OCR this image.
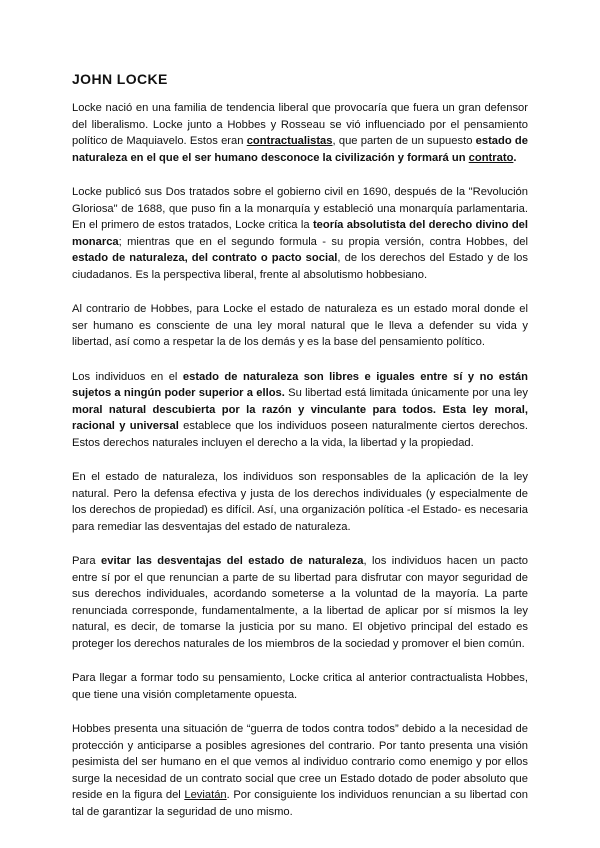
JOHN LOCKE

Locke nació en una familia de tendencia liberal que provocaría que fuera un gran defensor del liberalismo. Locke junto a Hobbes y Rosseau se vió influenciado por el pensamiento político de Maquiavelo. Estos eran contractualistas, que parten de un supuesto estado de naturaleza en el que el ser humano desconoce la civilización y formará un contrato.

Locke publicó sus Dos tratados sobre el gobierno civil en 1690, después de la "Revolución Gloriosa" de 1688, que puso fin a la monarquía y estableció una monarquía parlamentaria. En el primero de estos tratados, Locke critica la teoría absolutista del derecho divino del monarca; mientras que en el segundo formula - su propia versión, contra Hobbes, del estado de naturaleza, del contrato o pacto social, de los derechos del Estado y de los ciudadanos. Es la perspectiva liberal, frente al absolutismo hobbesiano.

Al contrario de Hobbes, para Locke el estado de naturaleza es un estado moral donde el ser humano es consciente de una ley moral natural que le lleva a defender su vida y libertad, así como a respetar la de los demás y es la base del pensamiento político.

Los individuos en el estado de naturaleza son libres e iguales entre sí y no están sujetos a ningún poder superior a ellos. Su libertad está limitada únicamente por una ley moral natural descubierta por la razón y vinculante para todos. Esta ley moral, racional y universal establece que los individuos poseen naturalmente ciertos derechos. Estos derechos naturales incluyen el derecho a la vida, la libertad y la propiedad.

En el estado de naturaleza, los individuos son responsables de la aplicación de la ley natural. Pero la defensa efectiva y justa de los derechos individuales (y especialmente de los derechos de propiedad) es difícil. Así, una organización política -el Estado- es necesaria para remediar las desventajas del estado de naturaleza.

Para evitar las desventajas del estado de naturaleza, los individuos hacen un pacto entre sí por el que renuncian a parte de su libertad para disfrutar con mayor seguridad de sus derechos individuales, acordando someterse a la voluntad de la mayoría. La parte renunciada corresponde, fundamentalmente, a la libertad de aplicar por sí mismos la ley natural, es decir, de tomarse la justicia por su mano. El objetivo principal del estado es proteger los derechos naturales de los miembros de la sociedad y promover el bien común.

Para llegar a formar todo su pensamiento, Locke critica al anterior contractualista Hobbes, que tiene una visión completamente opuesta.

Hobbes presenta una situación de “guerra de todos contra todos” debido a la necesidad de protección y anticiparse a posibles agresiones del contrario. Por tanto presenta una visión pesimista del ser humano en el que vemos al individuo contrario como enemigo y por ellos surge la necesidad de un contrato social que cree un Estado dotado de poder absoluto que reside en la figura del Leviatán. Por consiguiente los individuos renuncian a su libertad con tal de garantizar la seguridad de uno mismo.
